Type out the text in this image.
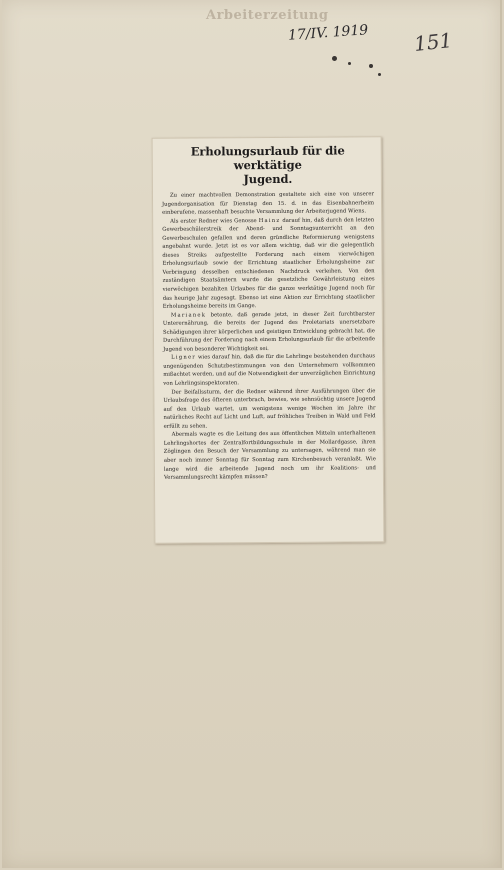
Arbeiterzeitung
17/IV. 1919 151
Erholungsurlaub für die werktätige
Jugend.

Zu einer machtvollen Demonstration gestaltete sich eine von unserer Jugendorganisation für Dienstag den 15. d. in das Eisenbahnerheim einberufene, massenhaft besuchte Versammlung der Arbeiterjugend Wiens.

Als erster Redner wies Genosse Hainz darauf hin, daß durch den letzten Gewerbeschülerstreik der Abend- und Sonntagsunterricht an den Gewerbeschulen gefallen und deren gründliche Reformierung wenigstens angebahnt wurde. Jetzt ist es vor allem wichtig, daß wir die gelegentlich dieses Streiks aufgestellte Forderung nach einem vierwöchigen Erholungsurlaub sowie der Errichtung staatlicher Erholungsheime zur Verbringung desselben entschiedenen Nachdruck verleihen. Von den zuständigen Staatsämtern wurde die gesetzliche Gewährleistung eines vierwöchigen bezahlten Urlaubes für die ganze werktätige Jugend noch für das heurige Jahr zugesagt. Ebenso ist eine Aktion zur Errichtung staatlicher Erholungsheime bereits im Gange.

Marianek betonte, daß gerade jetzt, in dieser Zeit furchtbarster Unterernährung, die bereits der Jugend des Proletariats unersetzbare Schädigungen ihrer körperlichen und geistigen Entwicklung gebracht hat, die Durchführung der Forderung nach einem Erholungsurlaub für die arbeitende Jugend von besonderer Wichtigkeit sei.

Ligner wies darauf hin, daß die für die Lehrlinge bestehenden durchaus ungenügenden Schutzbestimmungen von den Unternehmern vollkommen mißachtet werden, und auf die Notwendigkeit der unverzüglichen Einrichtung von Lehrlingsinspektoraten.

Der Beifallssturm, der die Redner während ihrer Ausführungen über die Urlaubsfrage des öfteren unterbrach, bewies, wie sehnsüchtig unsere Jugend auf den Urlaub wartet, um wenigstens wenige Wochen im Jahre ihr natürliches Recht auf Licht und Luft, auf fröhliches Treiben in Wald und Feld erfüllt zu sehen.

Abermals wagte es die Leitung des aus öffentlichen Mitteln unterhaltenen Lehrlingshortes der Zentralfortbildungsschule in der Mollardgasse, ihren Zöglingen den Besuch der Versammlung zu untersagen, während man sie aber noch immer Sonntag für Sonntag zum Kirchenbesuch veranlaßt. Wie lange wird die arbeitende Jugend noch um ihr Koalitions- und Versammlungsrecht kämpfen müssen?
